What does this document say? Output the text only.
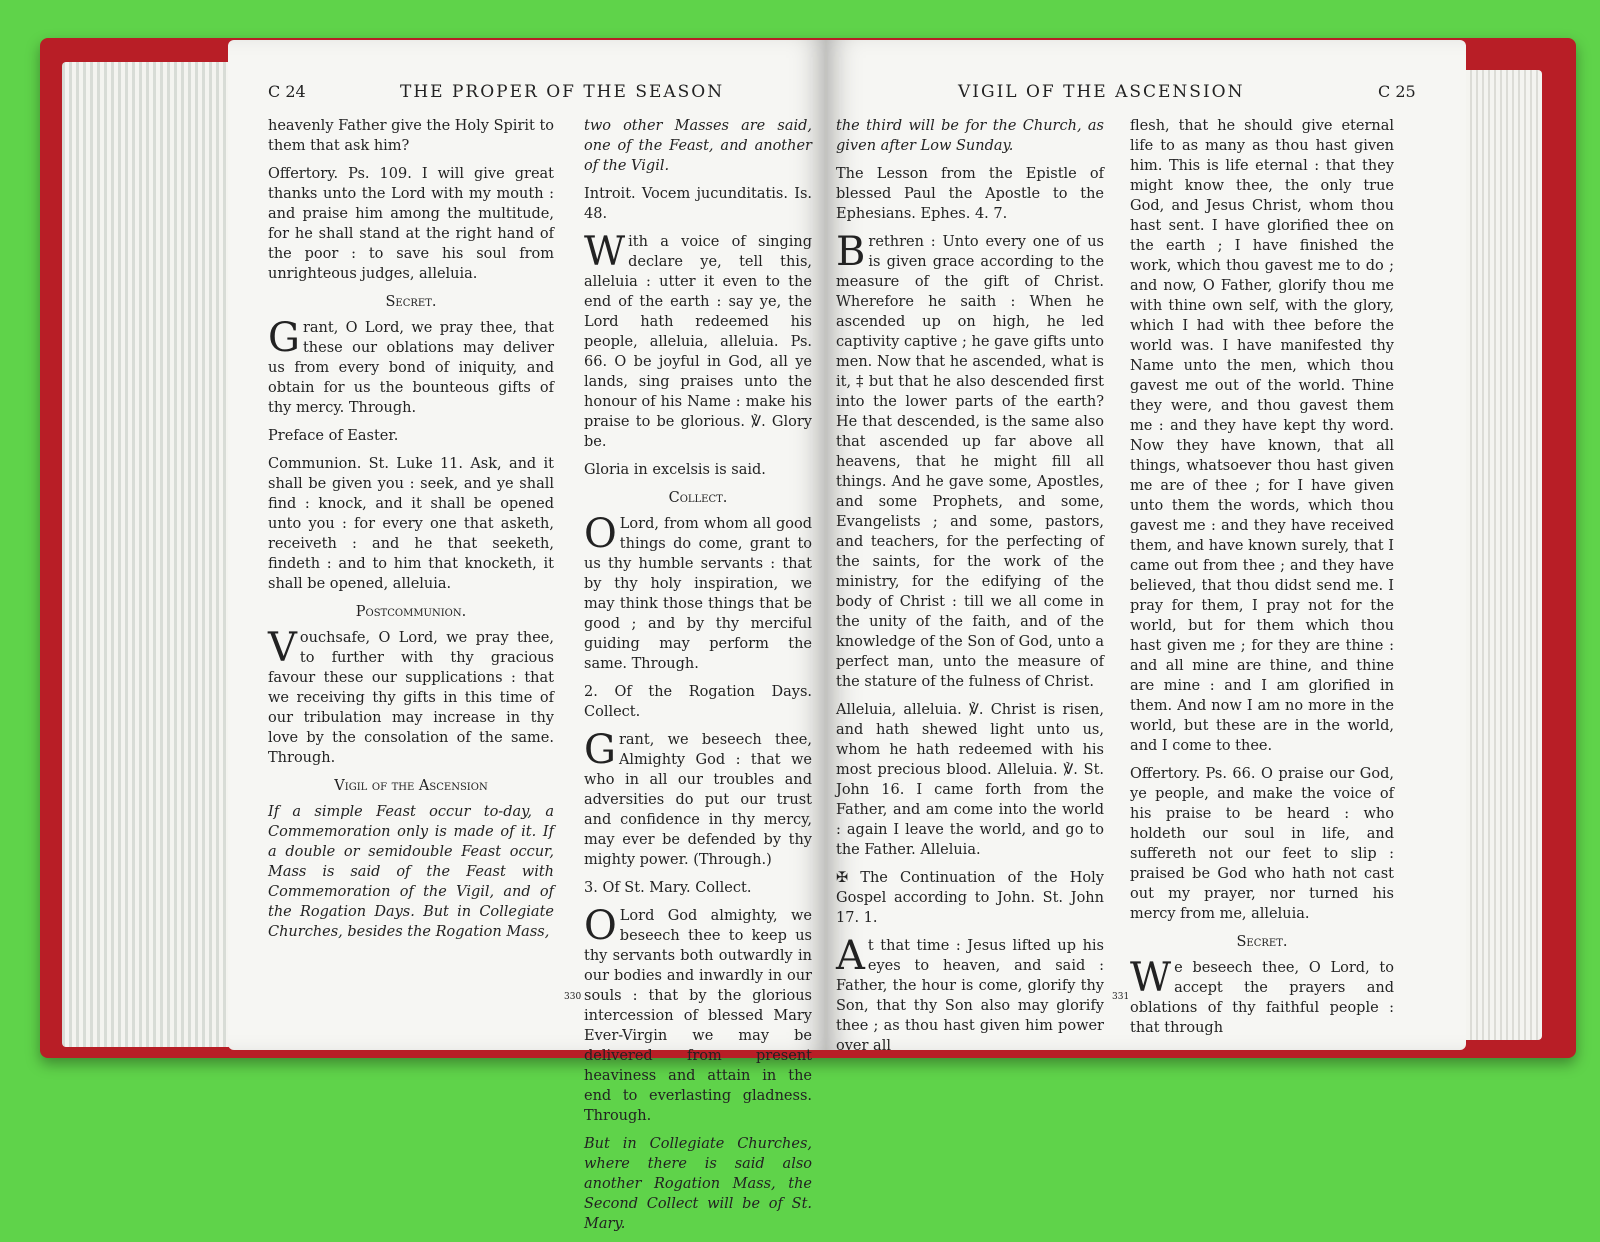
C 24	THE PROPER OF THE SEASON

heavenly Father give the Holy Spirit to them that ask him?

Offertory. Ps. 109. I will give great thanks unto the Lord with my mouth : and praise him among the multitude, for he shall stand at the right hand of the poor : to save his soul from unrighteous judges, alleluia.

Secret.

Grant, O Lord, we pray thee, that these our oblations may deliver us from every bond of iniquity, and obtain for us the bounteous gifts of thy mercy. Through.

Preface of Easter.

Communion. St. Luke 11. Ask, and it shall be given you : seek, and ye shall find : knock, and it shall be opened unto you : for every one that asketh, receiveth : and he that seeketh, findeth : and to him that knocketh, it shall be opened, alleluia.

Postcommunion.

Vouchsafe, O Lord, we pray thee, to further with thy gracious favour these our supplications : that we receiving thy gifts in this time of our tribulation may increase in thy love by the consolation of the same. Through.

Vigil of the Ascension

If a simple Feast occur to-day, a Commemoration only is made of it. If a double or semidouble Feast occur, Mass is said of the Feast with Commemoration of the Vigil, and of the Rogation Days. But in Collegiate Churches, besides the Rogation Mass,

two other Masses are said, one of the Feast, and another of the Vigil.

Introit. Vocem jucunditatis. Is. 48.

With a voice of singing declare ye, tell this, alleluia : utter it even to the end of the earth : say ye, the Lord hath redeemed his people, alleluia, alleluia. Ps. 66. O be joyful in God, all ye lands, sing praises unto the honour of his Name : make his praise to be glorious. ℣. Glory be.

Gloria in excelsis is said.

Collect.

O Lord, from whom all good things do come, grant to us thy humble servants : that by thy holy inspiration, we may think those things that be good ; and by thy merciful guiding may perform the same. Through.

2. Of the Rogation Days. Collect.

Grant, we beseech thee, Almighty God : that we who in all our troubles and adversities do put our trust and confidence in thy mercy, may ever be defended by thy mighty power. (Through.)

3. Of St. Mary. Collect.

O Lord God almighty, we beseech thee to keep us thy servants both outwardly in our bodies and inwardly in our souls : that by the glorious intercession of blessed Mary Ever-Virgin we may be delivered from present heaviness and attain in the end to everlasting gladness. Through.

But in Collegiate Churches, where there is said also another Rogation Mass, the Second Collect will be of St. Mary.

330
VIGIL OF THE ASCENSION	C 25

the third will be for the Church, as given after Low Sunday.

The Lesson from the Epistle of blessed Paul the Apostle to the Ephesians. Ephes. 4. 7.

Brethren : Unto every one of us is given grace according to the measure of the gift of Christ. Wherefore he saith : When he ascended up on high, he led captivity captive ; he gave gifts unto men. Now that he ascended, what is it, ‡ but that he also descended first into the lower parts of the earth? He that descended, is the same also that ascended up far above all heavens, that he might fill all things. And he gave some, Apostles, and some Prophets, and some, Evangelists ; and some, pastors, and teachers, for the perfecting of the saints, for the work of the ministry, for the edifying of the body of Christ : till we all come in the unity of the faith, and of the knowledge of the Son of God, unto a perfect man, unto the measure of the stature of the fulness of Christ.

Alleluia, alleluia. ℣. Christ is risen, and hath shewed light unto us, whom he hath redeemed with his most precious blood. Alleluia. ℣. St. John 16. I came forth from the Father, and am come into the world : again I leave the world, and go to the Father. Alleluia.

✠ The Continuation of the Holy Gospel according to John. St. John 17. 1.

At that time : Jesus lifted up his eyes to heaven, and said : Father, the hour is come, glorify thy Son, that thy Son also may glorify thee ; as thou hast given him power over all

flesh, that he should give eternal life to as many as thou hast given him. This is life eternal : that they might know thee, the only true God, and Jesus Christ, whom thou hast sent. I have glorified thee on the earth ; I have finished the work, which thou gavest me to do ; and now, O Father, glorify thou me with thine own self, with the glory, which I had with thee before the world was. I have manifested thy Name unto the men, which thou gavest me out of the world. Thine they were, and thou gavest them me : and they have kept thy word. Now they have known, that all things, whatsoever thou hast given me are of thee ; for I have given unto them the words, which thou gavest me : and they have received them, and have known surely, that I came out from thee ; and they have believed, that thou didst send me. I pray for them, I pray not for the world, but for them which thou hast given me ; for they are thine : and all mine are thine, and thine are mine : and I am glorified in them. And now I am no more in the world, but these are in the world, and I come to thee.

Offertory. Ps. 66. O praise our God, ye people, and make the voice of his praise to be heard : who holdeth our soul in life, and suffereth not our feet to slip : praised be God who hath not cast out my prayer, nor turned his mercy from me, alleluia.

Secret.

We beseech thee, O Lord, to accept the prayers and oblations of thy faithful people : that through

331
